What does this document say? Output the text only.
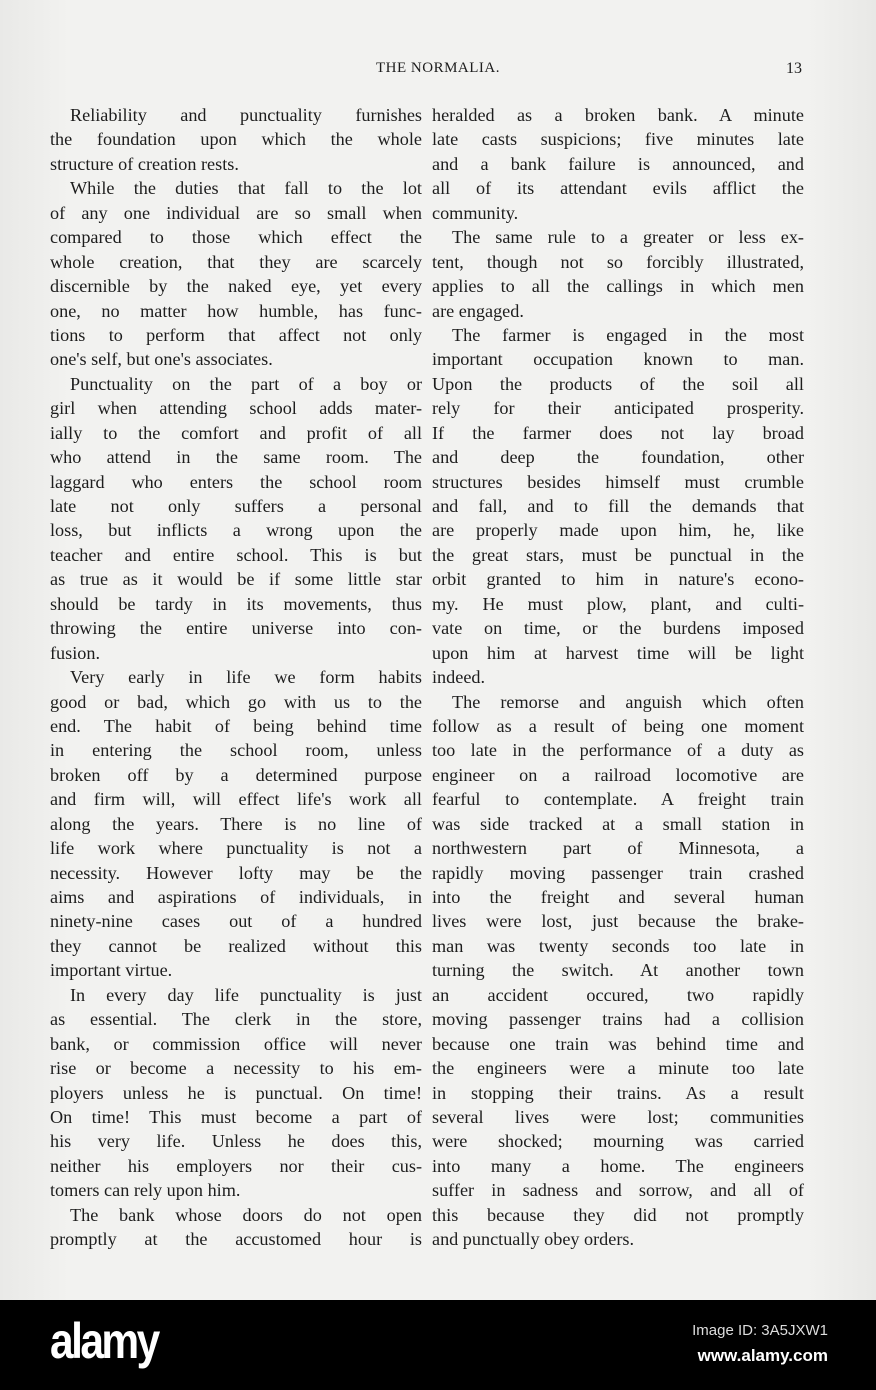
THE NORMALIA.	13
Reliability and punctuality furnishes
the foundation upon which the whole
structure of creation rests.
While the duties that fall to the lot
of any one individual are so small when
compared to those which effect the
whole creation, that they are scarcely
discernible by the naked eye, yet every
one, no matter how humble, has func-
tions to perform that affect not only
one's self, but one's associates.
Punctuality on the part of a boy or
girl when attending school adds mater-
ially to the comfort and profit of all
who attend in the same room. The
laggard who enters the school room
late not only suffers a personal
loss, but inflicts a wrong upon the
teacher and entire school. This is but
as true as it would be if some little star
should be tardy in its movements, thus
throwing the entire universe into con-
fusion.
Very early in life we form habits
good or bad, which go with us to the
end. The habit of being behind time
in entering the school room, unless
broken off by a determined purpose
and firm will, will effect life's work all
along the years. There is no line of
life work where punctuality is not a
necessity. However lofty may be the
aims and aspirations of individuals, in
ninety-nine cases out of a hundred
they cannot be realized without this
important virtue.
In every day life punctuality is just
as essential. The clerk in the store,
bank, or commission office will never
rise or become a necessity to his em-
ployers unless he is punctual. On time!
On time! This must become a part of
his very life. Unless he does this,
neither his employers nor their cus-
tomers can rely upon him.
The bank whose doors do not open
promptly at the accustomed hour is
heralded as a broken bank. A minute
late casts suspicions; five minutes late
and a bank failure is announced, and
all of its attendant evils afflict the
community.
The same rule to a greater or less ex-
tent, though not so forcibly illustrated,
applies to all the callings in which men
are engaged.
The farmer is engaged in the most
important occupation known to man.
Upon the products of the soil all
rely for their anticipated prosperity.
If the farmer does not lay broad
and deep the foundation, other
structures besides himself must crumble
and fall, and to fill the demands that
are properly made upon him, he, like
the great stars, must be punctual in the
orbit granted to him in nature's econo-
my. He must plow, plant, and culti-
vate on time, or the burdens imposed
upon him at harvest time will be light
indeed.
The remorse and anguish which often
follow as a result of being one moment
too late in the performance of a duty as
engineer on a railroad locomotive are
fearful to contemplate. A freight train
was side tracked at a small station in
northwestern part of Minnesota, a
rapidly moving passenger train crashed
into the freight and several human
lives were lost, just because the brake-
man was twenty seconds too late in
turning the switch. At another town
an accident occured, two rapidly
moving passenger trains had a collision
because one train was behind time and
the engineers were a minute too late
in stopping their trains. As a result
several lives were lost; communities
were shocked; mourning was carried
into many a home. The engineers
suffer in sadness and sorrow, and all of
this because they did not promptly
and punctually obey orders.
alamy	Image ID: 3A5JXW1
www.alamy.com
